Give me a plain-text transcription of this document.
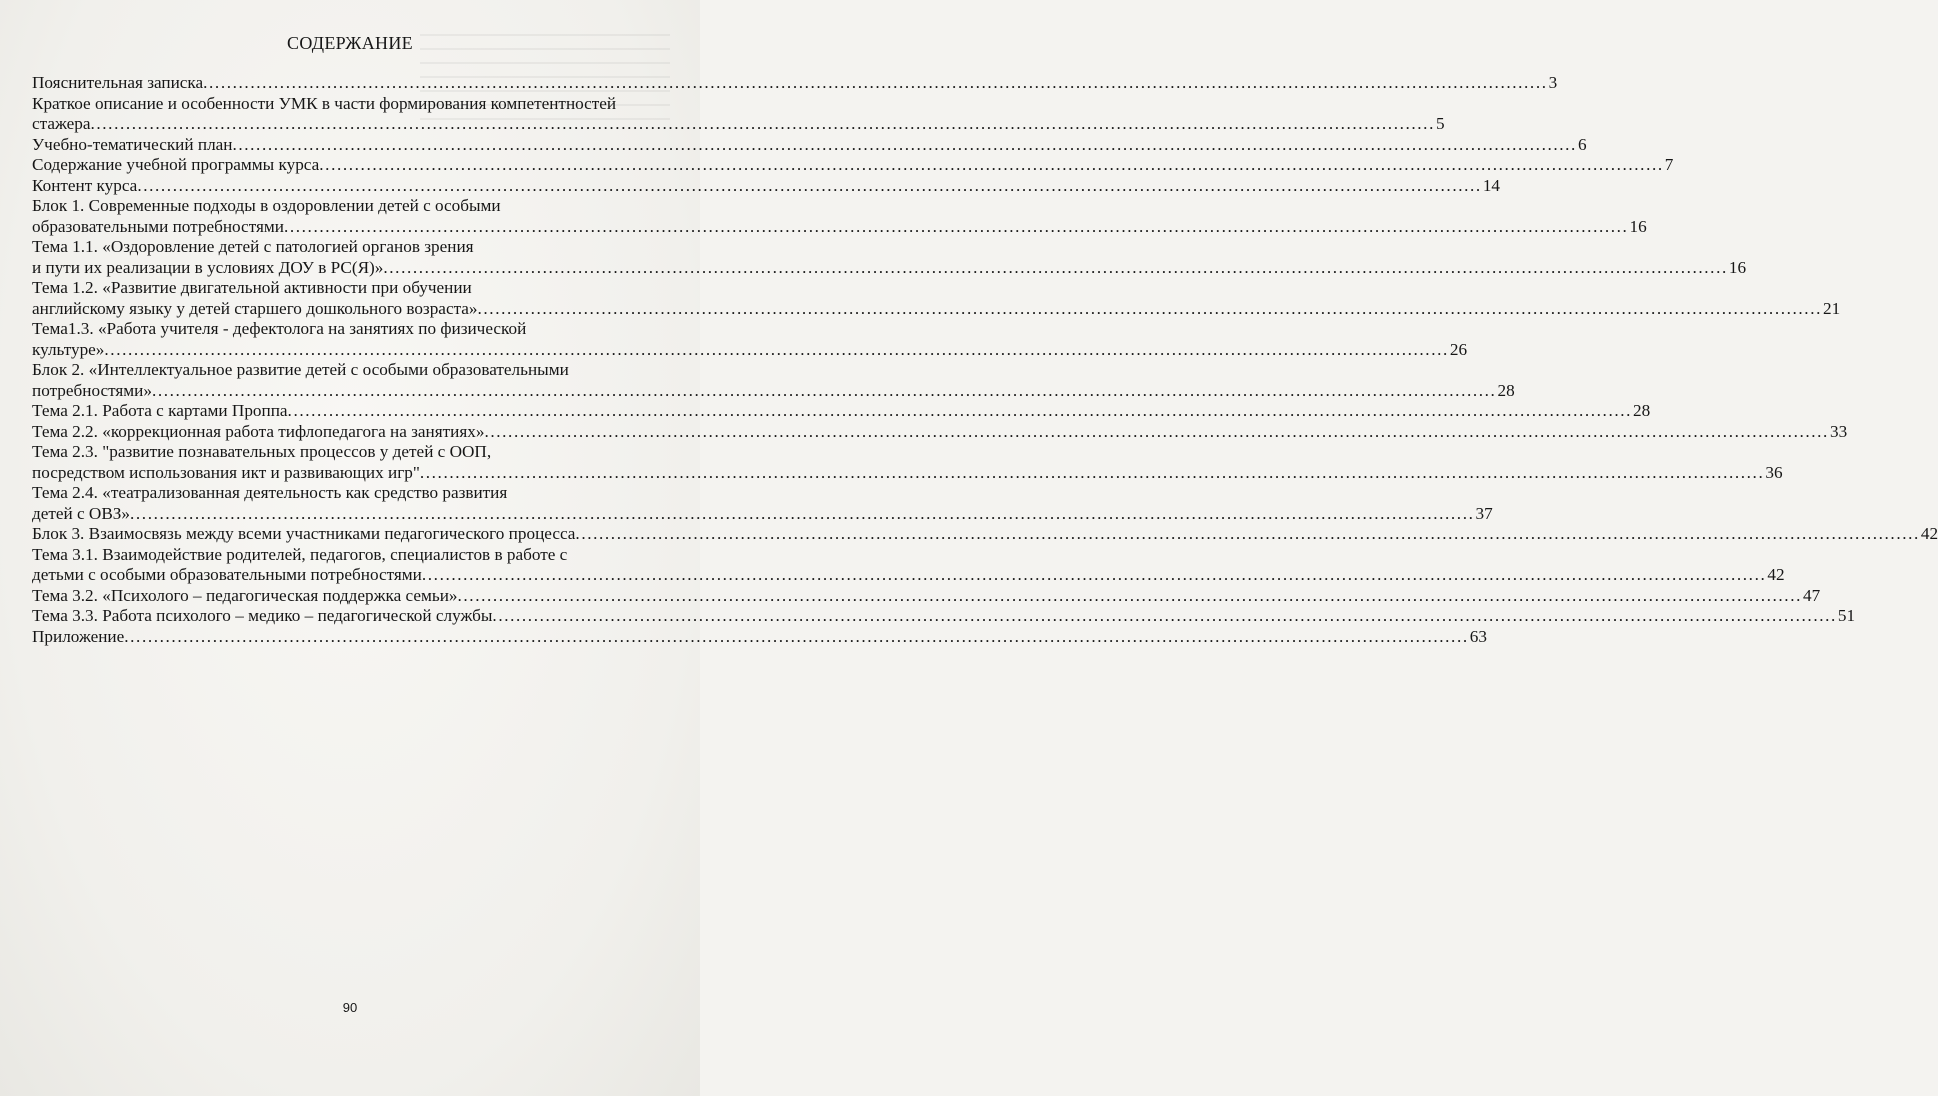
СОДЕРЖАНИЕ
Пояснительная записка .....	3
Краткое описание и особенности УМК в части формирования компетентностей
стажера .....	5
Учебно-тематический план .....	6
Содержание учебной программы курса .....	7
Контент курса .....	14
Блок 1. Современные подходы в оздоровлении детей с особыми
образовательными потребностями .....	16
Тема 1.1. «Оздоровление детей с патологией органов зрения
и пути их реализации в условиях ДОУ в РС(Я)» .....	16
Тема 1.2. «Развитие двигательной активности при обучении
английскому языку у детей старшего дошкольного возраста» .....	21
Тема1.3. «Работа учителя - дефектолога на занятиях по физической
культуре» .....	26
Блок 2. «Интеллектуальное развитие детей с особыми образовательными
потребностями» .....	28
Тема 2.1. Работа с картами Проппа .....	28
Тема 2.2. «коррекционная работа тифлопедагога на занятиях» .....	33
Тема 2.3. "развитие познавательных процессов у детей с ООП,
посредством использования икт и развивающих игр" .....	36
Тема 2.4. «театрализованная деятельность как средство развития
детей с ОВЗ» .....	37
Блок 3. Взаимосвязь между всеми участниками педагогического процесса .....	42
Тема 3.1. Взаимодействие родителей, педагогов, специалистов в работе с
детьми с особыми образовательными потребностями .....	42
Тема 3.2. «Психолого – педагогическая поддержка семьи» .....	47
Тема 3.3. Работа психолого – медико – педагогической службы .....	51
Приложение .....	63
90
